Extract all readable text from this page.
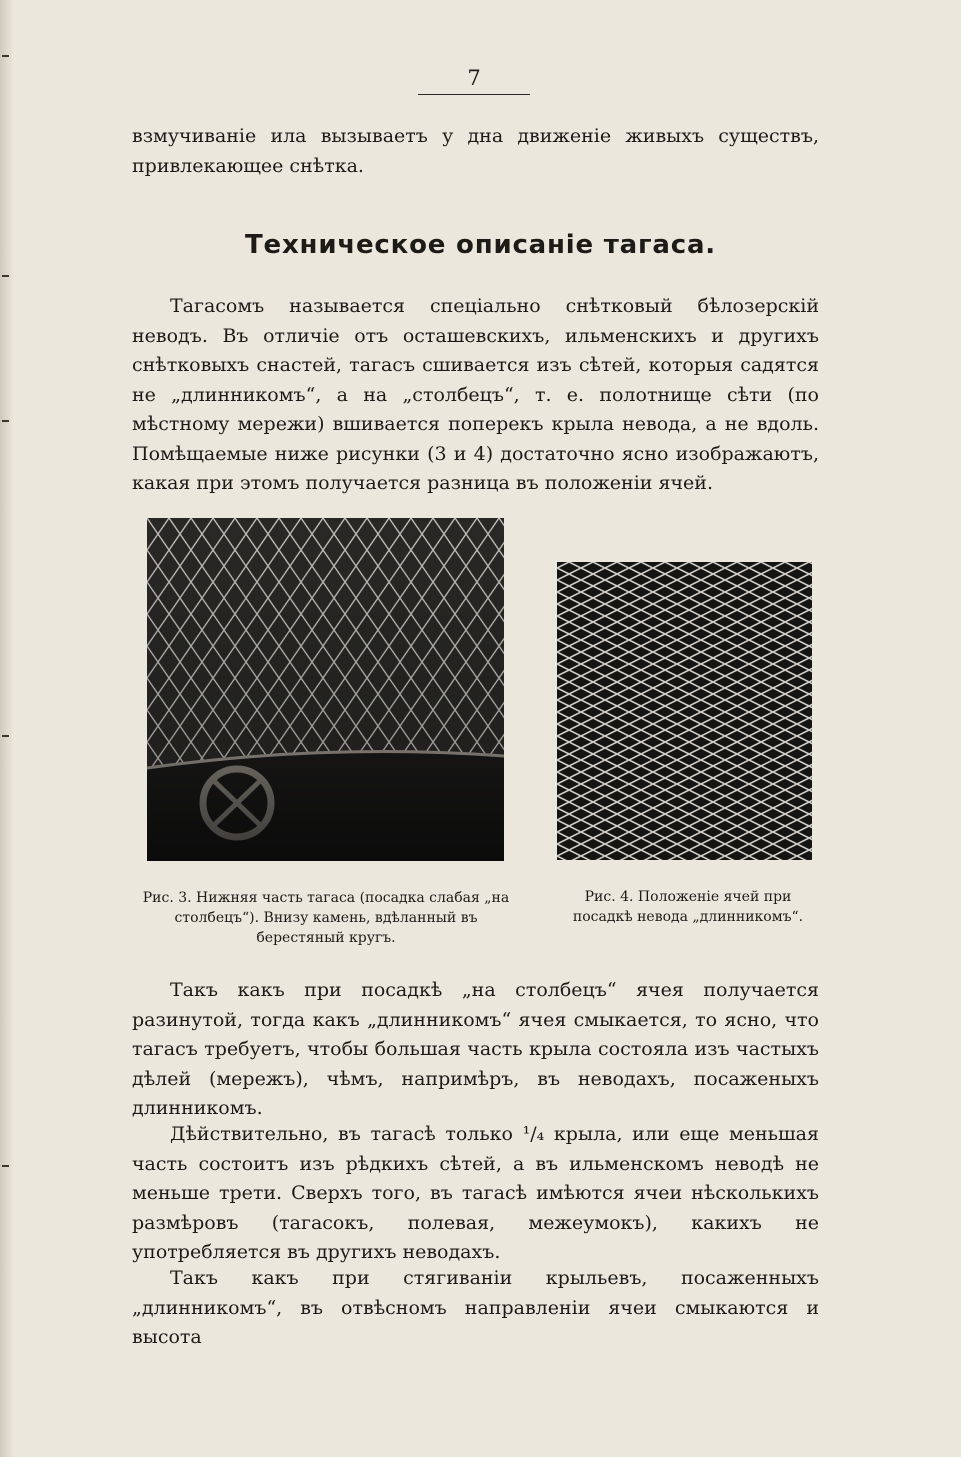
7

взмучиванiе ила вызываетъ у дна движенiе живыхъ существъ, привлекающее снѣтка.

Техническое описанiе тагаса.

Тагасомъ называется спецiально снѣтковый бѣлозерскiй неводъ. Въ отличiе отъ осташевскихъ, ильменскихъ и другихъ снѣтковыхъ снастей, тагасъ сшивается изъ сѣтей, которыя садятся не „длинникомъ“, а на „столбецъ“, т. е. полотнище сѣти (по мѣстному мережи) вшивается поперекъ крыла невода, а не вдоль. Помѣщаемые ниже рисунки (3 и 4) достаточно ясно изображаютъ, какая при этомъ получается разница въ положенiи ячей.

Рис. 3. Нижняя часть тагаса (посадка слабая „на столбецъ“). Внизу камень, вдѣланный въ берестяный кругъ.

Рис. 4. Положенiе ячей при посадкѣ невода „длинникомъ“.

Такъ какъ при посадкѣ „на столбецъ“ ячея получается разинутой, тогда какъ „длинникомъ“ ячея смыкается, то ясно, что тагасъ требуетъ, чтобы большая часть крыла состояла изъ частыхъ дѣлей (мережъ), чѣмъ, напримѣръ, въ неводахъ, посаженыхъ длинникомъ.

Дѣйствительно, въ тагасѣ только ¹/₄ крыла, или еще меньшая часть состоитъ изъ рѣдкихъ сѣтей, а въ ильменскомъ неводѣ не меньше трети. Сверхъ того, въ тагасѣ имѣются ячеи нѣсколькихъ размѣровъ (тагасокъ, полевая, межеумокъ), какихъ не употребляется въ другихъ неводахъ.

Такъ какъ при стягиванiи крыльевъ, посаженныхъ „длинникомъ“, въ отвѣсномъ направленiи ячеи смыкаются и высота
